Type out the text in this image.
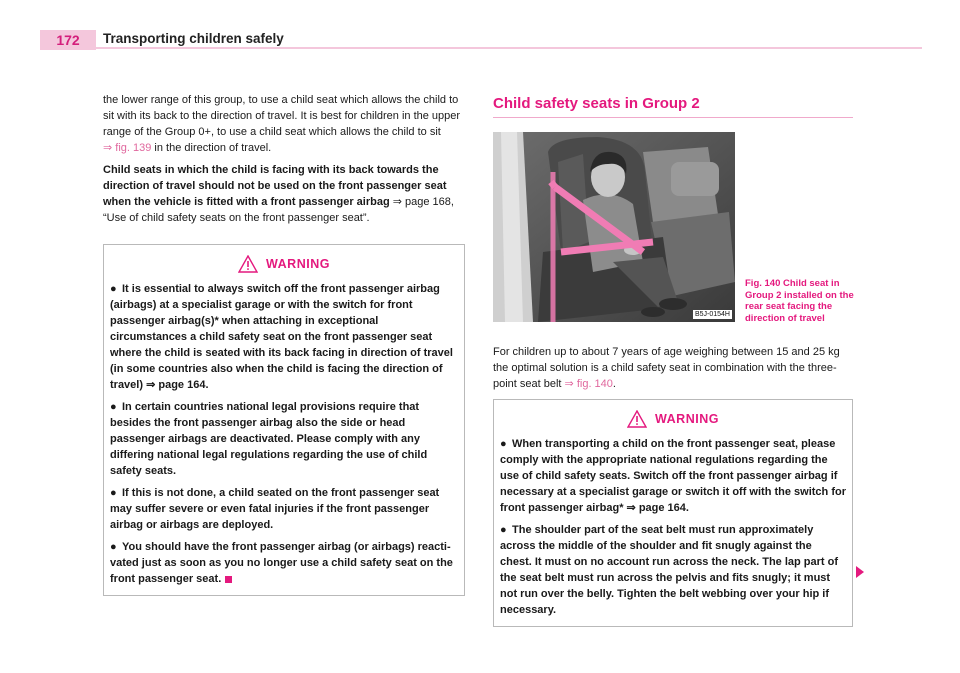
172	Transporting children safely

the lower range of this group, to use a child seat which allows the child to sit with its back to the direction of travel. It is best for children in the upper range of the Group 0+, to use a child seat which allows the child to sit
⇒ fig. 139 in the direction of travel.

Child seats in which the child is facing with its back towards the direction of travel should not be used on the front passenger seat when the vehicle is fitted with a front passenger airbag ⇒ page 168,
“Use of child safety seats on the front passenger seat”.

WARNING
● It is essential to always switch off the front passenger airbag (airbags) at a specialist garage or with the switch for front passenger airbag(s)* when attaching in exceptional circumstances a child safety seat on the front passenger seat where the child is seated with its back facing in direction of travel (in some countries also when the child is facing the direction of travel) ⇒ page 164.
● In certain countries national legal provisions require that besides the front passenger airbag also the side or head passenger airbags are deactivated. Please comply with any differing national legal regulations regarding the use of child safety seats.
● If this is not done, a child seated on the front passenger seat may suffer severe or even fatal injuries if the front passenger airbag or airbags are deployed.
● You should have the front passenger airbag (or airbags) reacti-vated just as soon as you no longer use a child safety seat on the front passenger seat.
Child safety seats in Group 2
B5J-0154H
Fig. 140 Child seat in Group 2 installed on the rear seat facing the direction of travel

For children up to about 7 years of age weighing between 15 and 25 kg the optimal solution is a child safety seat in combination with the three-point seat belt ⇒ fig. 140.

WARNING
● When transporting a child on the front passenger seat, please comply with the appropriate national regulations regarding the use of child safety seats. Switch off the front passenger airbag if necessary at a specialist garage or switch it off with the switch for front passenger airbag* ⇒ page 164.
● The shoulder part of the seat belt must run approximately across the middle of the shoulder and fit snugly against the chest. It must on no account run across the neck. The lap part of the seat belt must run across the pelvis and fits snugly; it must not run over the belly. Tighten the belt webbing over your hip if necessary.
